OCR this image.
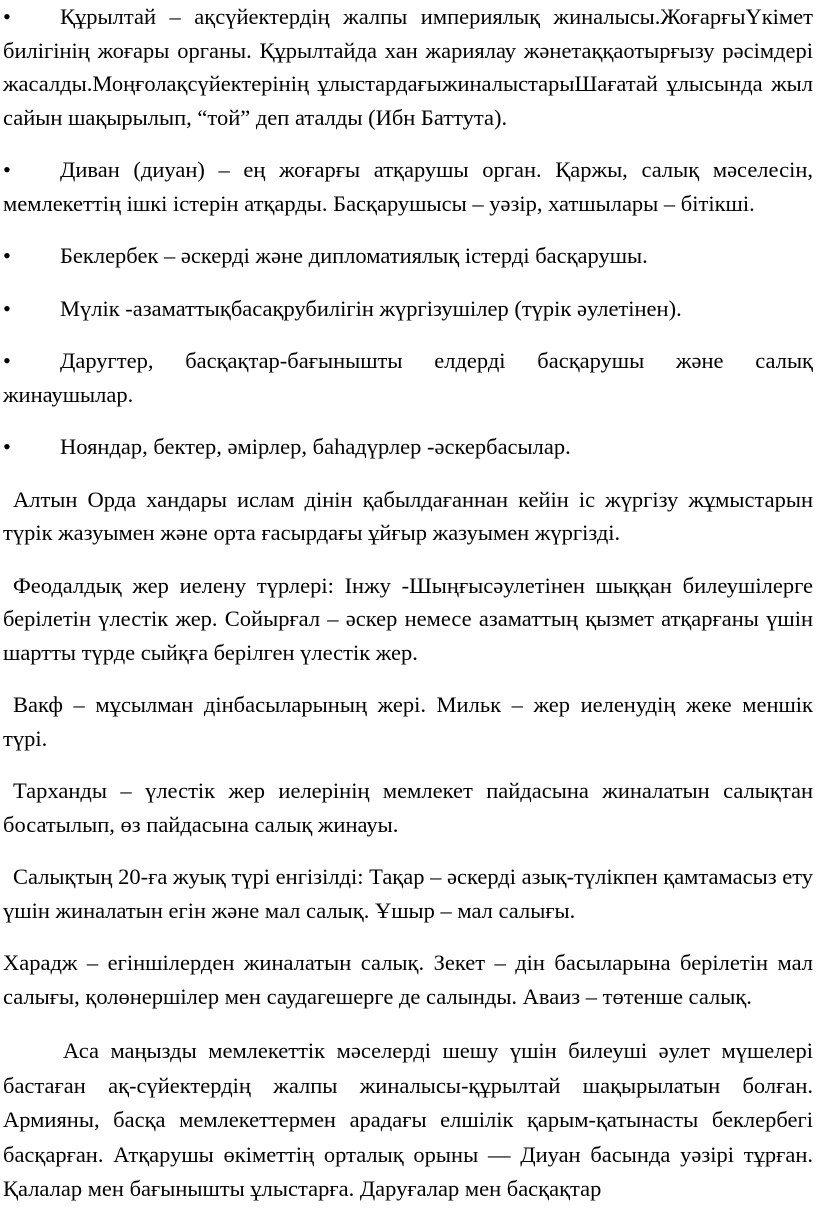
• Құрылтай – ақсүйектердің жалпы империялық жиналысы.ЖоғарғыҮкімет билігінің жоғары органы. Құрылтайда хан жариялау жәнетаққаотырғызу рәсімдері жасалды.Моңғолақсүйектерінің ұлыстардағыжиналыстарыШағатай ұлысында жыл сайын шақырылып, “той” деп аталды (Ибн Баттута).
• Диван (диуан) – ең жоғарғы атқарушы орган. Қаржы, салық мәселесін, мемлекеттің ішкі істерін атқарды. Басқарушысы – уәзір, хатшылары – бітікші.
• Беклербек – әскерді және дипломатиялық істерді басқарушы.
• Мүлік -азаматтықбасақрубилігін жүргізушілер (түрік әулетінен).
• Даругтер, басқақтар-бағынышты елдерді басқарушы және салық жинаушылар.
• Нояндар, бектер, әмірлер, баһадүрлер -әскербасылар.
Алтын Орда хандары ислам дінін қабылдағаннан кейін іс жүргізу жұмыстарын түрік жазуымен және орта ғасырдағы ұйғыр жазуымен жүргізді.
Феодалдық жер иелену түрлері: Інжу -Шыңғысәулетінен шыққан билеушілерге берілетін үлестік жер. Сойырғал – әскер немесе азаматтың қызмет атқарғаны үшін шартты түрде сыйқға берілген үлестік жер.
Вакф – мұсылман дінбасыларының жері. Мильк – жер иеленудің жеке меншік түрі.
Тарханды – үлестік жер иелерінің мемлекет пайдасына жиналатын салықтан босатылып, өз пайдасына салық жинауы.
Салықтың 20-ға жуық түрі енгізілді: Тақар – әскерді азық-түлікпен қамтамасыз ету үшін жиналатын егін және мал салық. Ұшыр – мал салығы.
Харадж – егіншілерден жиналатын салық. Зекет – дін басыларына берілетін мал салығы, қолөнершілер мен саудагешерге де салынды. Аваиз – төтенше салық.
Аса маңызды мемлекеттік мәселерді шешу үшін билеуші әулет мүшелері бастаған ақ-сүйектердің жалпы жиналысы-құрылтай шақырылатын болған. Армияны, басқа мемлекеттермен арадағы елшілік қарым-қатынасты беклербегі басқарған. Атқарушы өкіметтің орталық орыны — Диуан басында уәзірі тұрған. Қалалар мен бағынышты ұлыстарға. Даруғалар мен басқақтар
